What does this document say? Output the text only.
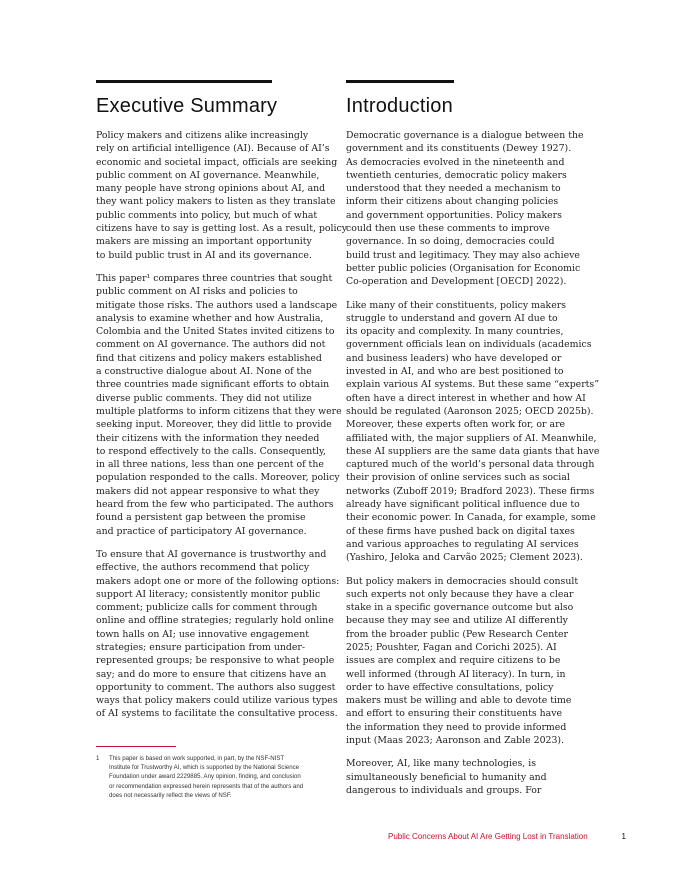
Executive Summary

Policy makers and citizens alike increasingly
rely on artificial intelligence (AI). Because of AI’s
economic and societal impact, officials are seeking
public comment on AI governance. Meanwhile,
many people have strong opinions about AI, and
they want policy makers to listen as they translate
public comments into policy, but much of what
citizens have to say is getting lost. As a result, policy
makers are missing an important opportunity
to build public trust in AI and its governance.

This paper¹ compares three countries that sought
public comment on AI risks and policies to
mitigate those risks. The authors used a landscape
analysis to examine whether and how Australia,
Colombia and the United States invited citizens to
comment on AI governance. The authors did not
find that citizens and policy makers established
a constructive dialogue about AI. None of the
three countries made significant efforts to obtain
diverse public comments. They did not utilize
multiple platforms to inform citizens that they were
seeking input. Moreover, they did little to provide
their citizens with the information they needed
to respond effectively to the calls. Consequently,
in all three nations, less than one percent of the
population responded to the calls. Moreover, policy
makers did not appear responsive to what they
heard from the few who participated. The authors
found a persistent gap between the promise
and practice of participatory AI governance.

To ensure that AI governance is trustworthy and
effective, the authors recommend that policy
makers adopt one or more of the following options:
support AI literacy; consistently monitor public
comment; publicize calls for comment through
online and offline strategies; regularly hold online
town halls on AI; use innovative engagement
strategies; ensure participation from under-
represented groups; be responsive to what people
say; and do more to ensure that citizens have an
opportunity to comment. The authors also suggest
ways that policy makers could utilize various types
of AI systems to facilitate the consultative process.

Introduction

Democratic governance is a dialogue between the
government and its constituents (Dewey 1927).
As democracies evolved in the nineteenth and
twentieth centuries, democratic policy makers
understood that they needed a mechanism to
inform their citizens about changing policies
and government opportunities. Policy makers
could then use these comments to improve
governance. In so doing, democracies could
build trust and legitimacy. They may also achieve
better public policies (Organisation for Economic
Co-operation and Development [OECD] 2022).

Like many of their constituents, policy makers
struggle to understand and govern AI due to
its opacity and complexity. In many countries,
government officials lean on individuals (academics
and business leaders) who have developed or
invested in AI, and who are best positioned to
explain various AI systems. But these same “experts”
often have a direct interest in whether and how AI
should be regulated (Aaronson 2025; OECD 2025b).
Moreover, these experts often work for, or are
affiliated with, the major suppliers of AI. Meanwhile,
these AI suppliers are the same data giants that have
captured much of the world’s personal data through
their provision of online services such as social
networks (Zuboff 2019; Bradford 2023). These firms
already have significant political influence due to
their economic power. In Canada, for example, some
of these firms have pushed back on digital taxes
and various approaches to regulating AI services
(Yashiro, Jeloka and Carvão 2025; Clement 2023).

But policy makers in democracies should consult
such experts not only because they have a clear
stake in a specific governance outcome but also
because they may see and utilize AI differently
from the broader public (Pew Research Center
2025; Poushter, Fagan and Corichi 2025). AI
issues are complex and require citizens to be
well informed (through AI literacy). In turn, in
order to have effective consultations, policy
makers must be willing and able to devote time
and effort to ensuring their constituents have
the information they need to provide informed
input (Maas 2023; Aaronson and Zable 2023).

Moreover, AI, like many technologies, is
simultaneously beneficial to humanity and
dangerous to individuals and groups. For

1 This paper is based on work supported, in part, by the NSF-NIST
Institute for Trustworthy AI, which is supported by the National Science
Foundation under award 2229885. Any opinion, finding, and conclusion
or recommendation expressed herein represents that of the authors and
does not necessarily reflect the views of NSF.
Public Concerns About AI Are Getting Lost in Translation	1
